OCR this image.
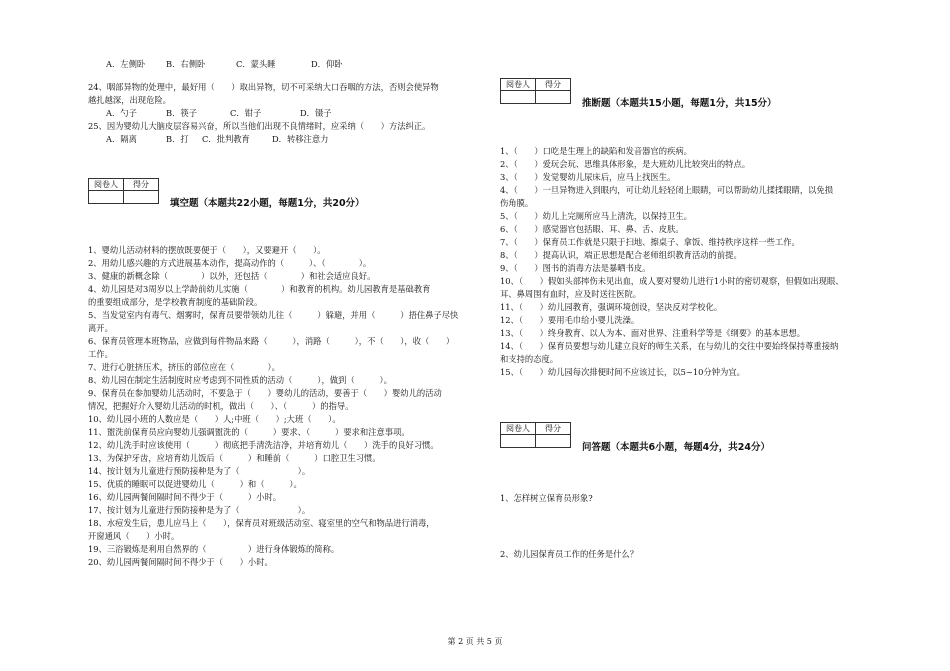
A．左侧卧	B．右侧卧	C．蒙头睡	D．仰卧
24、咽部异物的处理中，最好用（　　）取出异物，切不可采纳大口吞咽的方法，否则会使异物
越扎越深，出现危险。
A．勺子	B．筷子	C．钳子	D．镊子
25、因为婴幼儿大脑皮层容易兴奋，所以当他们出现不良情绪时，应采纳（　　）方法纠正。
A．隔离	B．打 C．批判教育	D．转移注意力
阅卷人	得分

填空题（本题共22小题，每题1分，共20分）
1、婴幼儿活动材料的摆放既要便于（　　），又要避开（　　）。
2、用幼儿感兴趣的方式进展基本动作，提高动作的（　　　）、（　　　　）。
3、健康的新概念除（　　　　）以外，还包括（　　　　）和社会适应良好。
4、幼儿园是对3周岁以上学龄前幼儿实施（　　　　）和教育的机构。幼儿园教育是基础教育
的重要组成部分，是学校教育制度的基础阶段。
5、当发觉室内有毒气、烟雾时，保育员要带领幼儿往（　　　）躲避，并用（　　　）捂住鼻子尽快
离开。
6、保育员管理本班物品，应做到每件物品来路（　　　），消路（　　　），不（　　），收（　　）
工作。
7、进行心脏挤压术，挤压的部位应在（　　　　）。
8、幼儿园在制定生活制度时应考虑到不同性质的活动（　　　），做到（　　　）。
9、保育员在参加婴幼儿活动时，不要急于（　　）婴幼儿的活动，要善于（　　）婴幼儿的活动
情况，把握好介入婴幼儿活动的时机，做出（　　）、（　　　）的指导。
10、幼儿园小班的人数应是（　　）人;中班（　　）;大班（　　）。
11、盥洗前保育员应向婴幼儿强调盥洗的（　　　）要求、（　　　）要求和注意事项。
12、幼儿洗手时应该使用（　　　）彻底把手清洗洁净，并培育幼儿（　　）洗手的良好习惯。
13、为保护牙齿，应培育幼儿饭后（　　　）和睡前（　　　）口腔卫生习惯。
14、按计划为儿童进行预防接种是为了（　　　　　　　）。
15、优质的睡眠可以促进婴幼儿（　　　）和（　　　）。
16、幼儿园两餐间隔时间不得少于（　　　）小时。
17、按计划为儿童进行预防接种是为了（　　　　　　　）。
18、水痘发生后，患儿应马上（　　），保育员对班级活动室、寝室里的空气和物品进行消毒，
开窗通风（　　）小时。
19、三浴锻炼是利用自然界的（　　　　　）进行身体锻炼的简称。
20、幼儿园两餐间隔时间不得少于（　　）小时。
阅卷人	得分

推断题（本题共15小题，每题1分，共15分）
1、（　　）口吃是生理上的缺陷和发音器官的疾病。
2、（　　）爱玩会玩、思维具体形象，是大班幼儿比较突出的特点。
3、（　　）发觉婴幼儿尿床后，应马上找医生。
4、（　　）一旦异物进入到眼内，可让幼儿轻轻闭上眼睛，可以帮助幼儿揉揉眼睛，以免损
伤角膜。
5、（　　）幼儿上完厕所应马上清洗，以保持卫生。
6、（　　）感觉器官包括眼、耳、鼻、舌、皮肤。
7、（　　）保育员工作就是只限于扫地、擦桌子、拿饭、维持秩序这样一些工作。
8、（　　）提高认识，端正思想是配合老师组织教育活动的前提。
9、（　　）图书的消毒方法是暴晒书皮。
10、（　　）假如头部摔伤未见出血，成人要对婴幼儿进行1小时的密切观察，但假如出现眼、
耳、鼻周围有血时，应及时送往医院。
11、（　　）幼儿园教育，强调环境创设，坚决反对学校化。
12、（　　）要用毛巾给小婴儿洗澡。
13、（　　）终身教育、以人为本、面对世界、注重科学等是《纲要》的基本思想。
14、（　　）保育员要想与幼儿建立良好的师生关系，在与幼儿的交往中要始终保持尊重接纳
和支持的态度。
15、（　　）幼儿园每次排便时间不应该过长，以5~10分钟为宜。
阅卷人	得分

问答题（本题共6小题，每题4分，共24分）
1、怎样树立保育员形象?
2、幼儿园保育员工作的任务是什么？
第 2 页 共 5 页
